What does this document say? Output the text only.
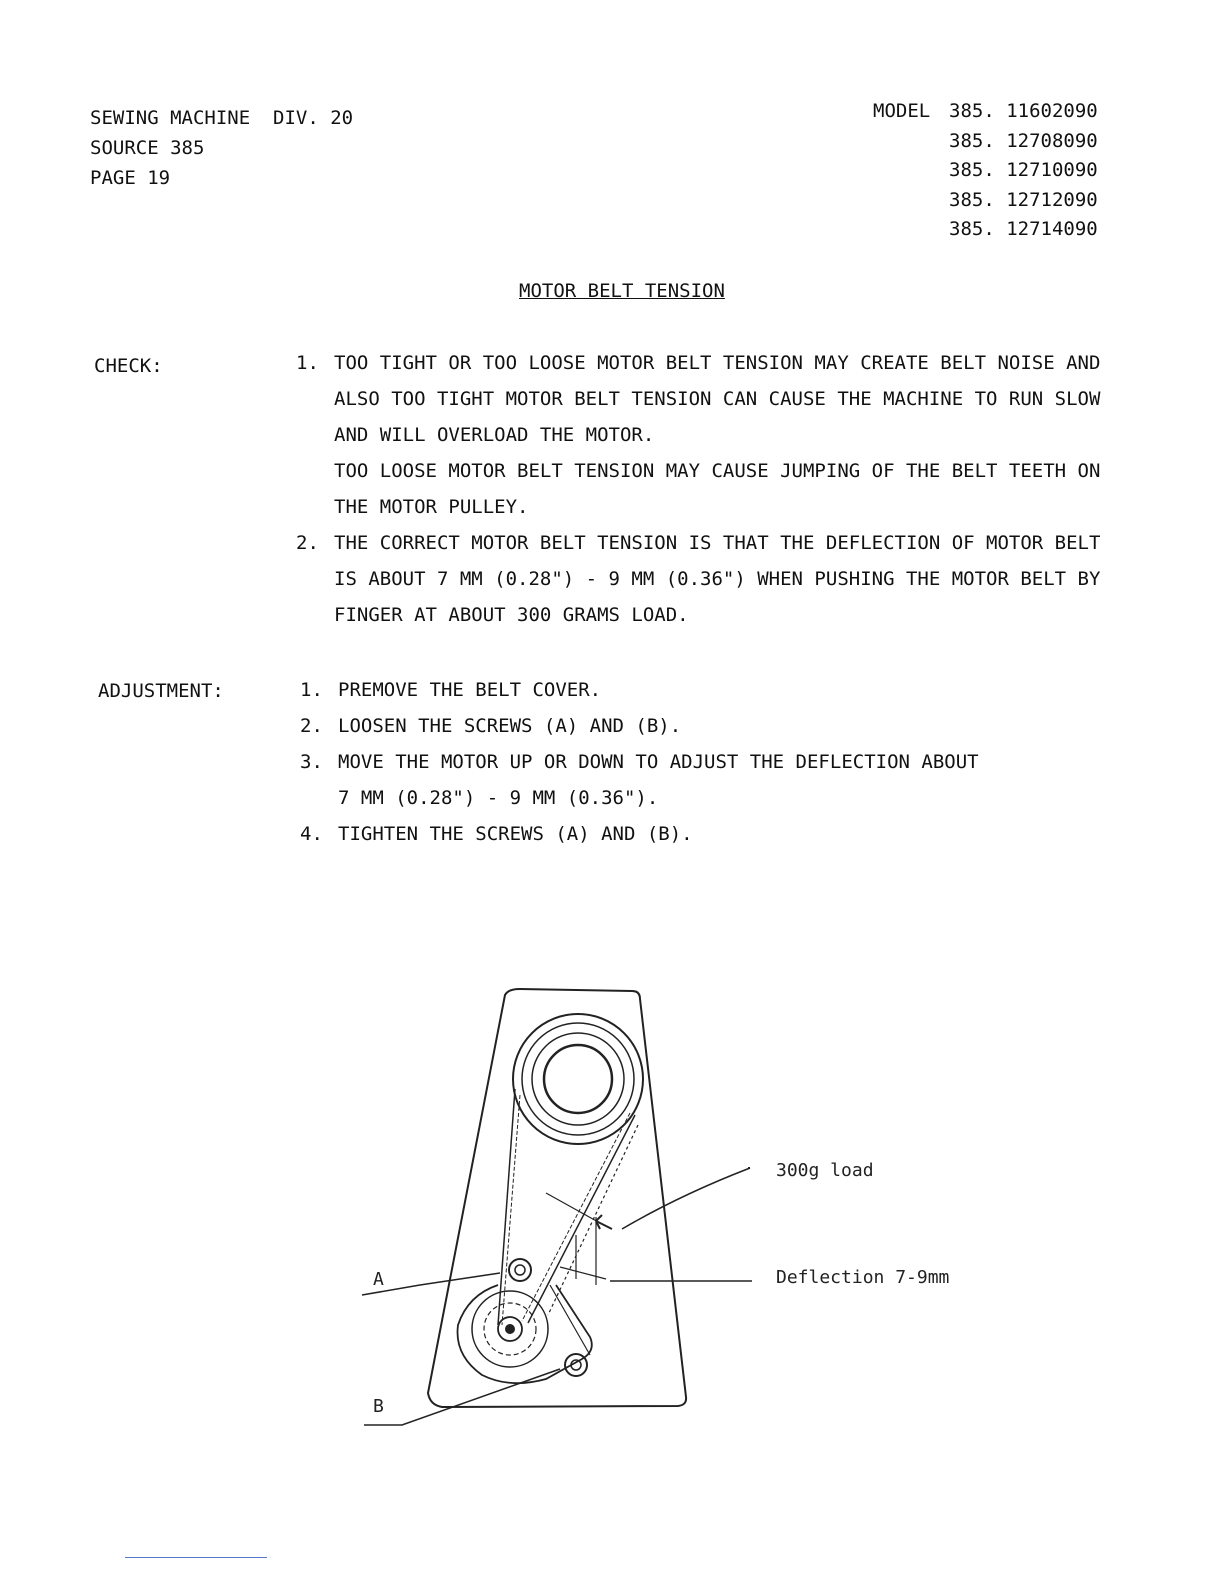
SEWING MACHINE  DIV. 20
SOURCE 385
PAGE 19
MODEL 385. 11602090
385. 12708090
385. 12710090
385. 12712090
385. 12714090
MOTOR BELT TENSION
CHECK:	1. TOO TIGHT OR TOO LOOSE MOTOR BELT TENSION MAY CREATE BELT NOISE AND
ALSO TOO TIGHT MOTOR BELT TENSION CAN CAUSE THE MACHINE TO RUN SLOW
AND WILL OVERLOAD THE MOTOR.
TOO LOOSE MOTOR BELT TENSION MAY CAUSE JUMPING OF THE BELT TEETH ON
THE MOTOR PULLEY.
2. THE CORRECT MOTOR BELT TENSION IS THAT THE DEFLECTION OF MOTOR BELT
IS ABOUT 7 MM (0.28") - 9 MM (0.36") WHEN PUSHING THE MOTOR BELT BY
FINGER AT ABOUT 300 GRAMS LOAD.
ADJUSTMENT:	1. PREMOVE THE BELT COVER.
2. LOOSEN THE SCREWS (A) AND (B).
3. MOVE THE MOTOR UP OR DOWN TO ADJUST THE DEFLECTION ABOUT
7 MM (0.28") - 9 MM (0.36").
4. TIGHTEN THE SCREWS (A) AND (B).
A
B
300g load
Deflection 7-9mm
